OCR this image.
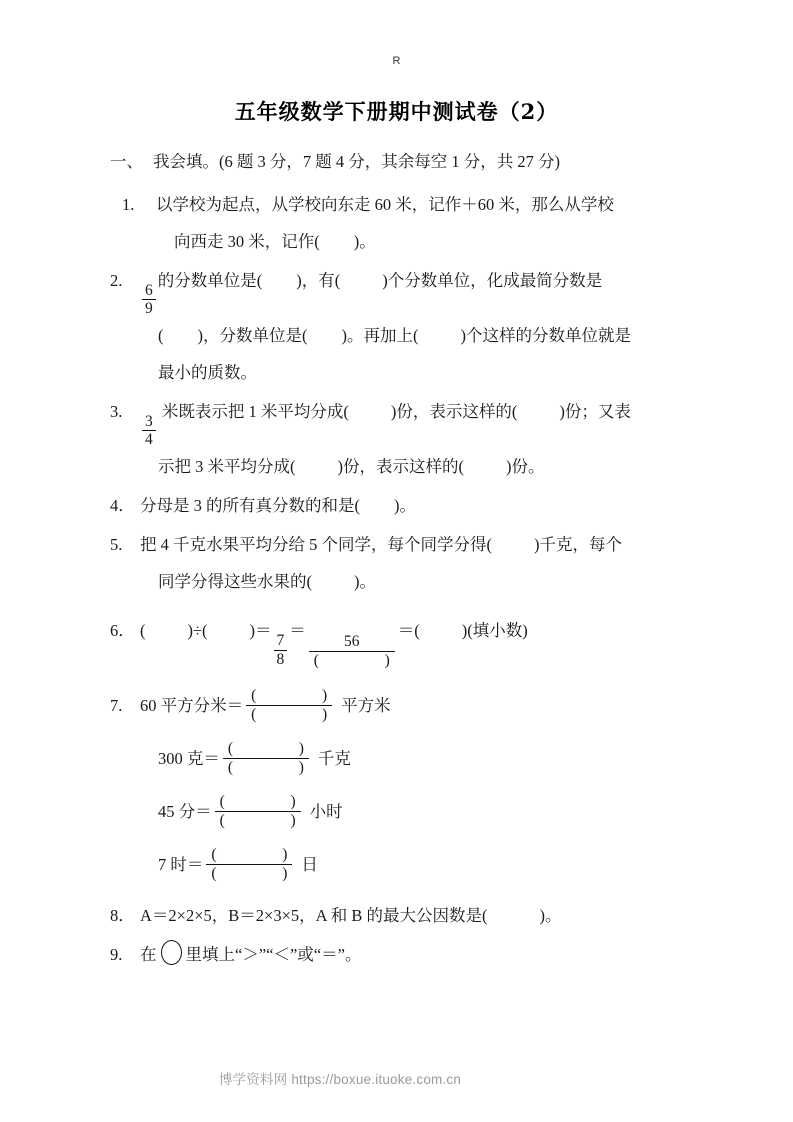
R
五年级数学下册期中测试卷（2）
一、 我会填。(6 题 3 分，7 题 4 分，其余每空 1 分，共 27 分)
1.	以学校为起点，从学校向东走 60 米，记作＋60 米，那么从学校
向西走 30 米，记作( )。
2.
$\frac{6}{9}$
的分数单位是( )，有(	)个分数单位，化成最简分数是
( )，分数单位是( )。再加上(	)个这样的分数单位就是
最小的质数。
3.
$\frac{3}{4}$
米既表示把 1 米平均分成(	)份，表示这样的(	)份；又表
示把 3 米平均分成(	)份，表示这样的(	)份。
4． 分母是 3 的所有真分数的和是( )。
5.	把 4 千克水果平均分给 5 个同学，每个同学分得(	)千克，每个
同学分得这些水果的(	)。
6． (	)÷(	)＝
$\frac{7}{8}$
＝
56
(	)
＝(	)(填小数)
7.	60 平方分米＝ (	)
(	) 平方米
300 克＝ (	)
(	) 千克
45 分＝ (	)
(	) 小时
7 时＝ (	)
(	) 日
8． A＝2×2×5，B＝2×3×5，A 和 B 的最大公因数是(	)。
9.	在 里填上“＞”“＜”或“＝”。
博学资料网 https://boxue.ituoke.com.cn
